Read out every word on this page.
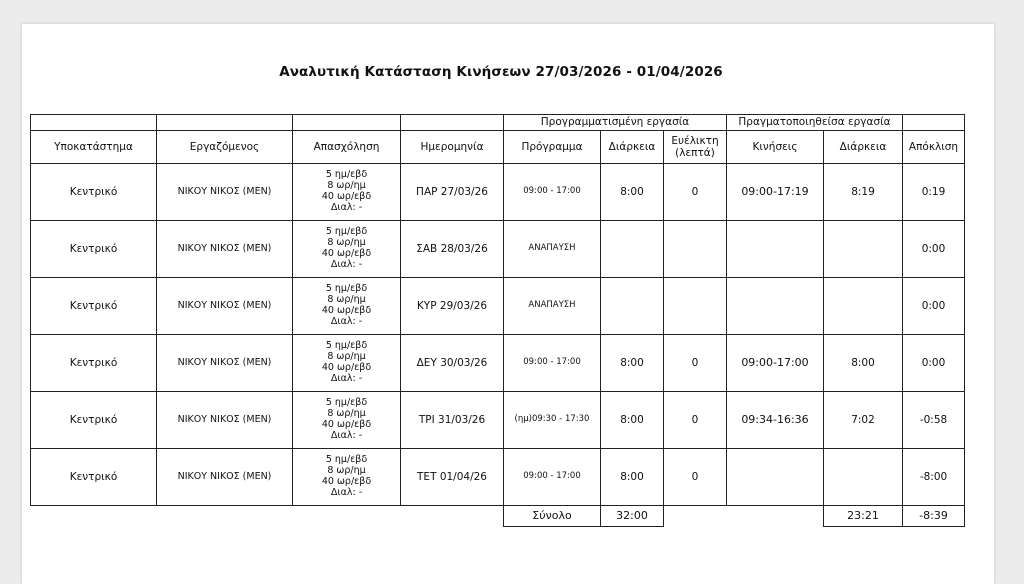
Αναλυτική Κατάσταση Κινήσεων 27/03/2026 - 01/04/2026
				Προγραμματισμένη εργασία			Πραγματοποιηθείσα εργασία		
Υποκατάστημα	Εργαζόμενος	Απασχόληση	Ημερομηνία	Πρόγραμμα	Διάρκεια	Ευέλικτη
(λεπτά)	Κινήσεις	Διάρκεια	Απόκλιση
Κεντρικό	ΝΙΚΟΥ ΝΙΚΟΣ (ΜΕΝ)	5 ημ/εβδ
8 ωρ/ημ
40 ωρ/εβδ
Διαλ: -	ΠΑΡ 27/03/26	09:00 - 17:00	8:00	0	09:00-17:19	8:19	0:19
Κεντρικό	ΝΙΚΟΥ ΝΙΚΟΣ (ΜΕΝ)	5 ημ/εβδ
8 ωρ/ημ
40 ωρ/εβδ
Διαλ: -	ΣΑΒ 28/03/26	ΑΝΑΠΑΥΣΗ					0:00
Κεντρικό	ΝΙΚΟΥ ΝΙΚΟΣ (ΜΕΝ)	5 ημ/εβδ
8 ωρ/ημ
40 ωρ/εβδ
Διαλ: -	ΚΥΡ 29/03/26	ΑΝΑΠΑΥΣΗ					0:00
Κεντρικό	ΝΙΚΟΥ ΝΙΚΟΣ (ΜΕΝ)	5 ημ/εβδ
8 ωρ/ημ
40 ωρ/εβδ
Διαλ: -	ΔΕΥ 30/03/26	09:00 - 17:00	8:00	0	09:00-17:00	8:00	0:00
Κεντρικό	ΝΙΚΟΥ ΝΙΚΟΣ (ΜΕΝ)	5 ημ/εβδ
8 ωρ/ημ
40 ωρ/εβδ
Διαλ: -	ΤΡΙ 31/03/26	(ημ)09:30 - 17:30	8:00	0	09:34-16:36	7:02	-0:58
Κεντρικό	ΝΙΚΟΥ ΝΙΚΟΣ (ΜΕΝ)	5 ημ/εβδ
8 ωρ/ημ
40 ωρ/εβδ
Διαλ: -	ΤΕΤ 01/04/26	09:00 - 17:00	8:00	0			-8:00
				Σύνολο	32:00			23:21	-8:39
